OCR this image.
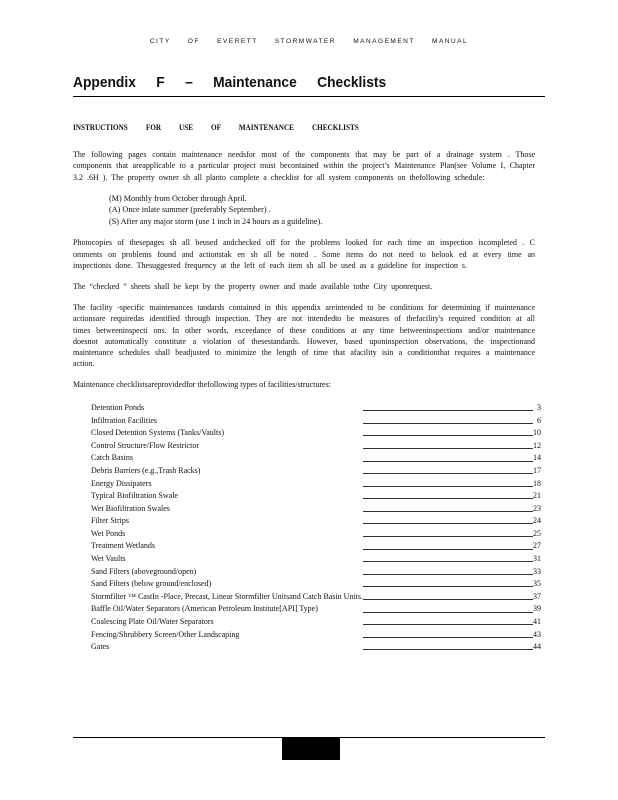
CITY OF EVERETT STORMWATER MANAGEMENT MANUAL
Appendix F – Maintenance Checklists
INSTRUCTIONS FOR USE OF MAINTENANCE CHECKLISTS

The following pages contain maintenance needsfor most of the components that may be part of a drainage system . Those components that areapplicable to a particular project must becontained within the project’s Maintenance Plan(see Volume I, Chapter 3.2 .6H ). The property owner sh all planto complete a checklist for all system components on thefollowing schedule:

(M) Monthly from October through April.
(A) Once inlate summer (preferably September) .
(S) After any major storm (use 1 inch in 24 hours as a guideline).

Photocopies of thesepages sh all beused andchecked off for the problems looked for each time an inspection iscompleted . C omments on problems found and actionstak en sh all be noted . Some items do not need to belook ed at every time an inspectionis done. Thesuggested frequency at the left of each item sh all be used as a guideline for inspection s.

The “checked ” sheets shall be kept by the property owner and made available tothe City uponrequest.

The facility -specific maintenances tandards contained in this appendix areintended to be conditions for determining if maintenance actionsare requiredas identified through inspection. They are not intendedto be measures of thefacility's required condition at all times betweeninspecti ons. In other words, exceedance of these conditions at any time betweeninspections and/or maintenance doesnot automatically constitute a violation of thesestandards. However, based uponinspection observations, the inspectionand maintenance schedules shall beadjusted to minimize the length of time that afacility isin a conditionthat requires a maintenance action.

Maintenance checklistsareprovidedfor thefollowing types of facilities/structures:
Detention Ponds		3
Infiltration Facilities		6
Closed Detention Systems (Tanks/Vaults)		10
Control Structure/Flow Restrictor		12
Catch Basins		14
Debris Barriers (e.g.,Trash Racks)		17
Energy Dissipaters		18
Typical Biofiltration Swale		21
Wet Biofiltration Swales		23
Filter Strips		24
Wet Ponds		25
Treatment Wetlands		27
Wet Vaults		31
Sand Filters (aboveground/open)		33
Sand Filters (below ground/enclosed)		35
Stormfilter ™ CastIn -Place, Precast, Linear Stormfilter Unitsand Catch Basin Units.		37
Baffle Oil/Water Separators (American Petroleum Institute[API] Type)		39
Coalescing Plate Oil/Water Separators		41
Fencing/Shrubbery Screen/Other Landscaping		43
Gates		44
